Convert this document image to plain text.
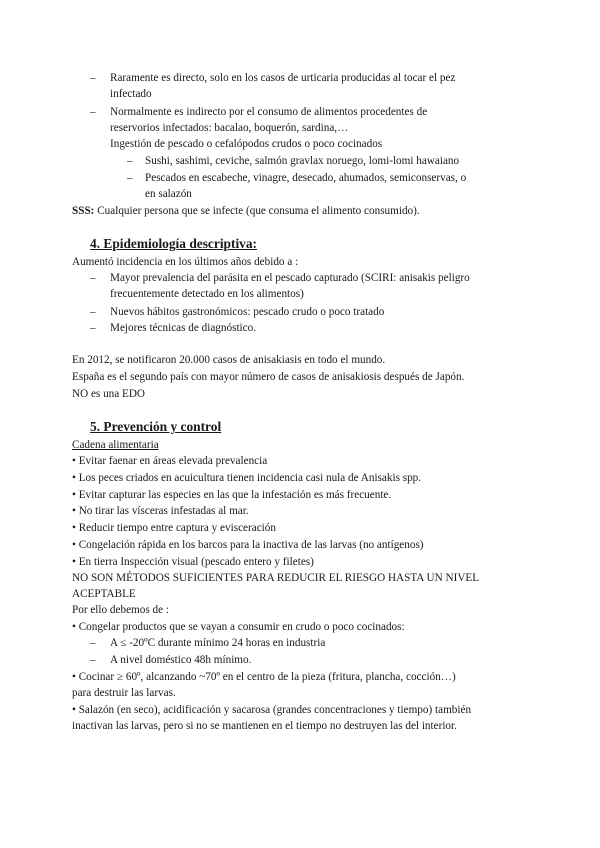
– Raramente es directo, solo en los casos de urticaria producidas al tocar el pez
infectado
– Normalmente es indirecto por el consumo de alimentos procedentes de
reservorios infectados: bacalao, boquerón, sardina,…
Ingestión de pescado o cefalópodos crudos o poco cocinados
– Sushi, sashimi, ceviche, salmón gravlax noruego, lomi-lomi hawaiano
– Pescados en escabeche, vinagre, desecado, ahumados, semiconservas, o
en salazón
SSS: Cualquier persona que se infecte (que consuma el alimento consumido).
4. Epidemiología descriptiva:
Aumentó incidencia en los últimos años debido a :
– Mayor prevalencia del parásita en el pescado capturado (SCIRI: anisakis peligro
frecuentemente detectado en los alimentos)
– Nuevos hábitos gastronómicos: pescado crudo o poco tratado
– Mejores técnicas de diagnóstico.
En 2012, se notificaron 20.000 casos de anisakiasis en todo el mundo.
España es el segundo país con mayor número de casos de anisakiosis después de Japón.
NO es una EDO
5. Prevención y control
Cadena alimentaria
• Evitar faenar en áreas elevada prevalencia
• Los peces criados en acuicultura tienen incidencia casi nula de Anisakis spp.
• Evitar capturar las especies en las que la infestación es más frecuente.
• No tirar las vísceras infestadas al mar.
• Reducir tiempo entre captura y evisceración
• Congelación rápida en los barcos para la inactiva de las larvas (no antígenos)
• En tierra Inspección visual (pescado entero y filetes)
NO SON MÉTODOS SUFICIENTES PARA REDUCIR EL RIESGO HASTA UN NIVEL
ACEPTABLE
Por ello debemos de :
• Congelar productos que se vayan a consumir en crudo o poco cocinados:
– A ≤ -20ºC durante mínimo 24 horas en industria
– A nivel doméstico 48h mínimo.
• Cocinar ≥ 60º, alcanzando ~70º en el centro de la pieza (fritura, plancha, cocción…)
para destruir las larvas.
• Salazón (en seco), acidificación y sacarosa (grandes concentraciones y tiempo) también
inactivan las larvas, pero si no se mantienen en el tiempo no destruyen las del interior.
